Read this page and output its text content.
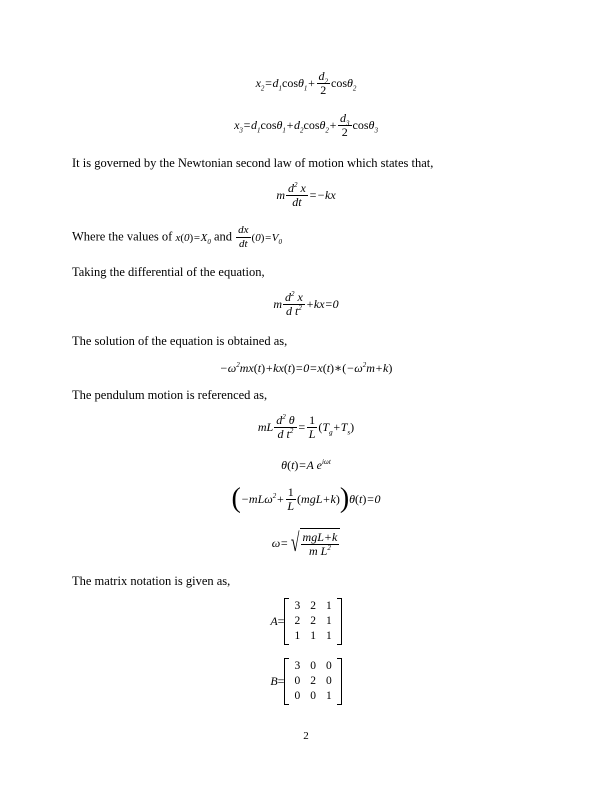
$x_2=d_1\cos\theta_1+ \frac{d_2}{2} \cos\theta_2$
$x_3=d_1\cos\theta_1+d_2\cos\theta_2+ \frac{d_3}{2} \cos\theta_3$
It is governed by the Newtonian second law of motion which states that,
m $\frac{d^2 x}{dt} =-kx$
Where the values of $x(0)=X_0$ and $\frac{dx}{dt} (0)=V_0$
Taking the differential of the equation,
m $\frac{d^2 x}{d t^2} +kx=0$
The solution of the equation is obtained as,
$-\omega^2mx(t)+kx(t)=0=x(t)∗(-\omega^2m+k)$
The pendulum motion is referenced as,
mL $\frac{d^2 \theta}{d t^2} = \frac{1}{L} (T_g+T_s)$
θ(t)=A $e^{i\omega t}$
$(-mL\omega^2+ \frac{1}{L} (mgL+k))\theta(t)=0$
ω= √ $\frac{\text{mgL+k}}{m L^2}$
The matrix notation is given as,
A=
3	2	1
2	2	1
1	1	1
B=
3	0	0
0	2	0
0	0	1
2
